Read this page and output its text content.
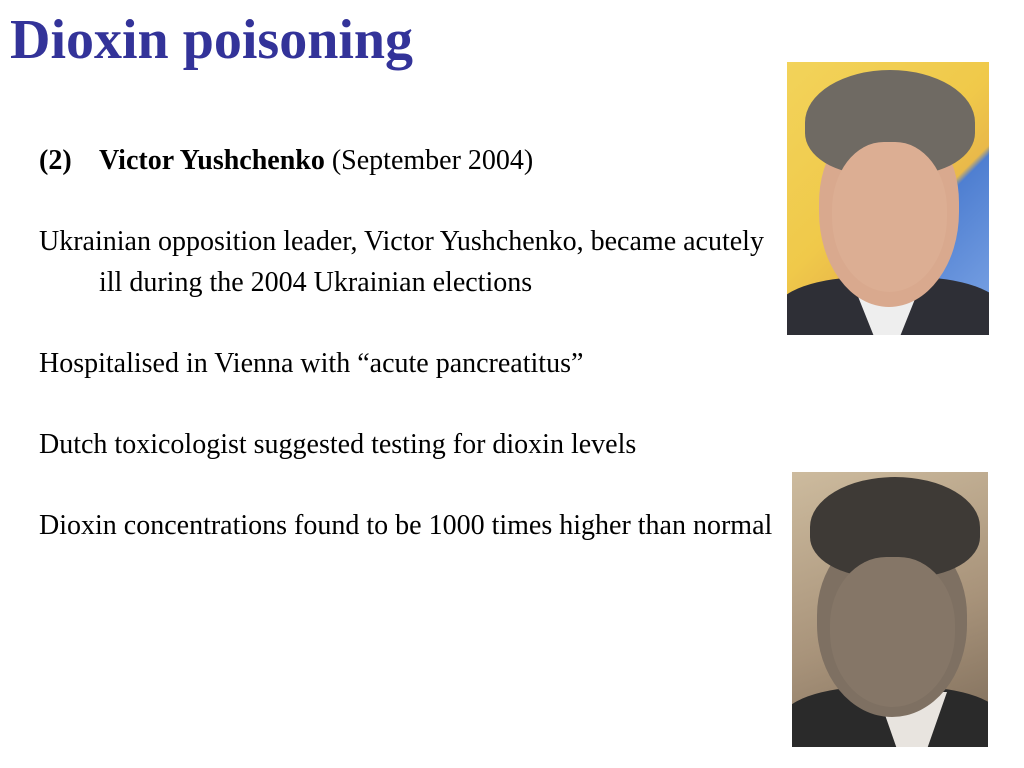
Dioxin poisoning
(2) Victor Yushchenko (September 2004)

Ukrainian opposition leader, Victor Yushchenko, became acutely ill during the 2004 Ukrainian elections

Hospitalised in Vienna with “acute pancreatitus”

Dutch toxicologist suggested testing for dioxin levels

Dioxin concentrations found to be 1000 times higher than normal
